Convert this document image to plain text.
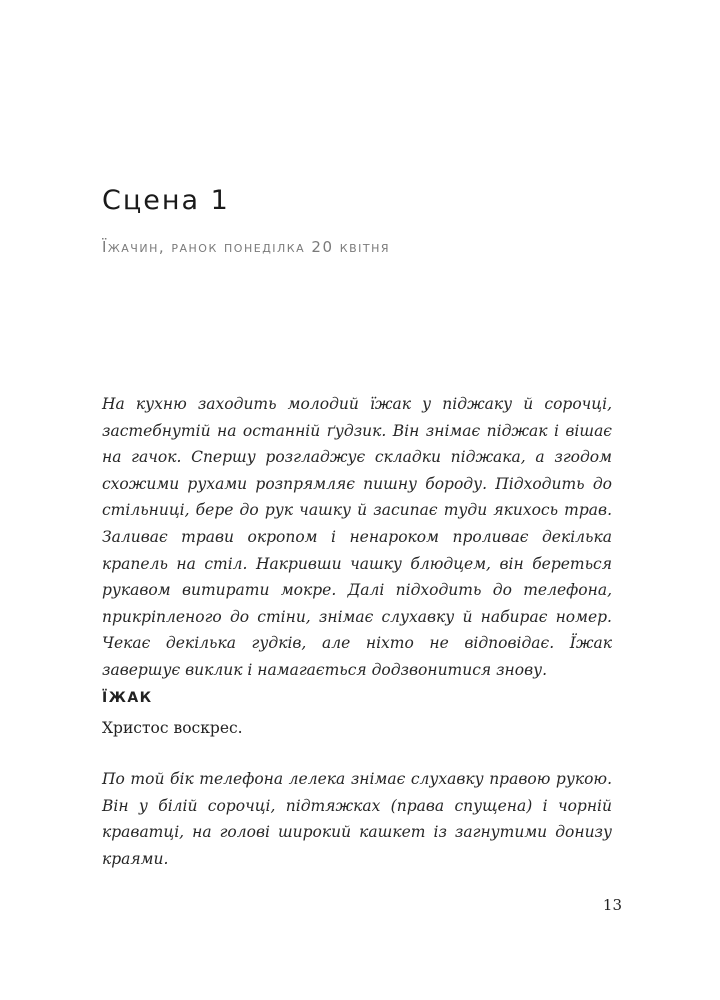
Сцена 1

Їжачин, ранок понеділка 20 квітня

На кухню заходить молодий їжак у піджаку й сорочці, застебнутій на останній ґудзик. Він знімає піджак і вішає на гачок. Спершу розгладжує складки піджака, а згодом схожими рухами розпрямляє пишну бороду. Підходить до стільниці, бере до рук чашку й засипає туди якихось трав. Заливає трави окропом і ненароком проливає декілька крапель на стіл. Накривши чашку блюдцем, він береться рукавом витирати мокре. Далі підходить до телефона, прикріпленого до стіни, знімає слухавку й набирає номер. Чекає декілька гудків, але ніхто не відповідає. Їжак завершує виклик і намагається додзвонитися знову.

ЇЖАК

Христос воскрес.

По той бік телефона лелека знімає слухавку правою рукою. Він у білій сорочці, підтяжках (права спущена) і чорній краватці, на голові широкий кашкет із загнутими донизу краями.

13
